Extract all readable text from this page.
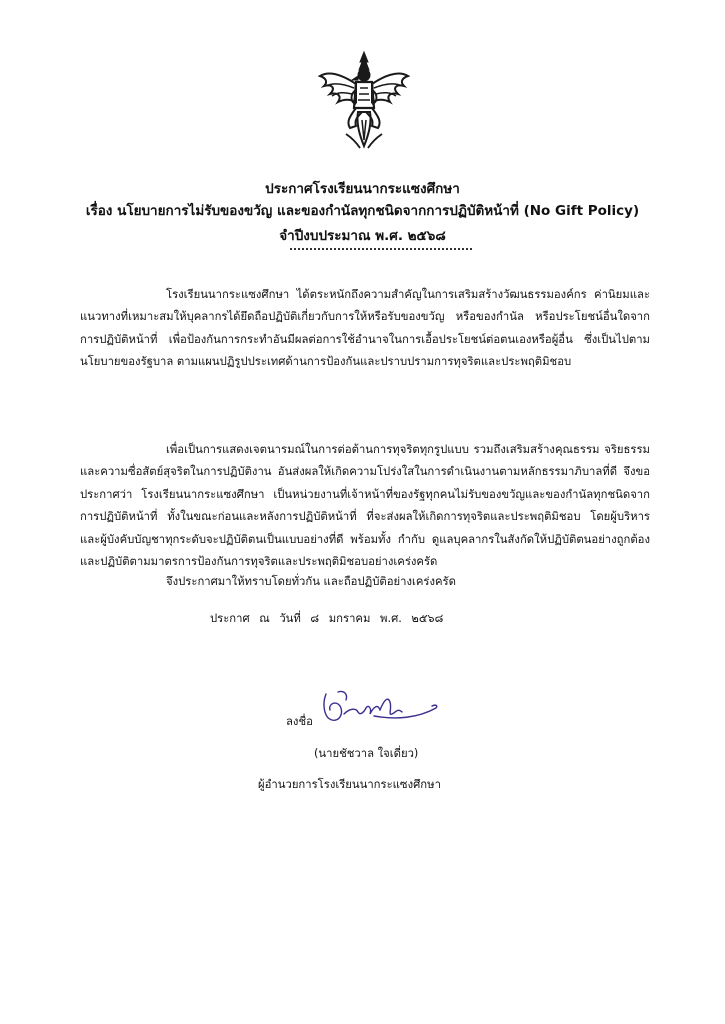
ประกาศโรงเรียนนากระแซงศึกษา
เรื่อง นโยบายการไม่รับของขวัญ และของกำนัลทุกชนิดจากการปฏิบัติหน้าที่ (No Gift Policy)
จำปีงบประมาณ พ.ศ. ๒๕๖๘
โรงเรียนนากระแซงศึกษา ได้ตระหนักถึงความสำคัญในการเสริมสร้างวัฒนธรรมองค์กร ค่านิยมและแนวทางที่เหมาะสมให้บุคลากรได้ยึดถือปฏิบัติเกี่ยวกับการให้หรือรับของขวัญ หรือของกำนัล หรือประโยชน์อื่นใดจากการปฏิบัติหน้าที่ เพื่อป้องกันการกระทำอันมีผลต่อการใช้อำนาจในการเอื้อประโยชน์ต่อตนเองหรือผู้อื่น ซึ่งเป็นไปตามนโยบายของรัฐบาล ตามแผนปฏิรูปประเทศด้านการป้องกันและปราบปรามการทุจริตและประพฤติมิชอบ
เพื่อเป็นการแสดงเจตนารมณ์ในการต่อต้านการทุจริตทุกรูปแบบ รวมถึงเสริมสร้างคุณธรรม จริยธรรม และความซื่อสัตย์สุจริตในการปฏิบัติงาน อันส่งผลให้เกิดความโปร่งใสในการดำเนินงานตามหลักธรรมาภิบาลที่ดี จึงขอประกาศว่า โรงเรียนนากระแซงศึกษา เป็นหน่วยงานที่เจ้าหน้าที่ของรัฐทุกคนไม่รับของขวัญและของกำนัลทุกชนิดจากการปฏิบัติหน้าที่ ทั้งในขณะก่อนและหลังการปฏิบัติหน้าที่ ที่จะส่งผลให้เกิดการทุจริตและประพฤติมิชอบ โดยผู้บริหารและผู้บังคับบัญชาทุกระดับจะปฏิบัติตนเป็นแบบอย่างที่ดี พร้อมทั้ง กำกับ ดูแลบุคลากรในสังกัดให้ปฏิบัติตนอย่างถูกต้อง และปฏิบัติตามมาตรการป้องกันการทุจริตและประพฤติมิชอบอย่างเคร่งครัด
จึงประกาศมาให้ทราบโดยทั่วกัน และถือปฏิบัติอย่างเคร่งครัด
ประกาศ ณ วันที่ ๘ มกราคม พ.ศ. ๒๕๖๘
ลงชื่อ
(นายชัชวาล ใจเดี่ยว)
ผู้อำนวยการโรงเรียนนากระแซงศึกษา
